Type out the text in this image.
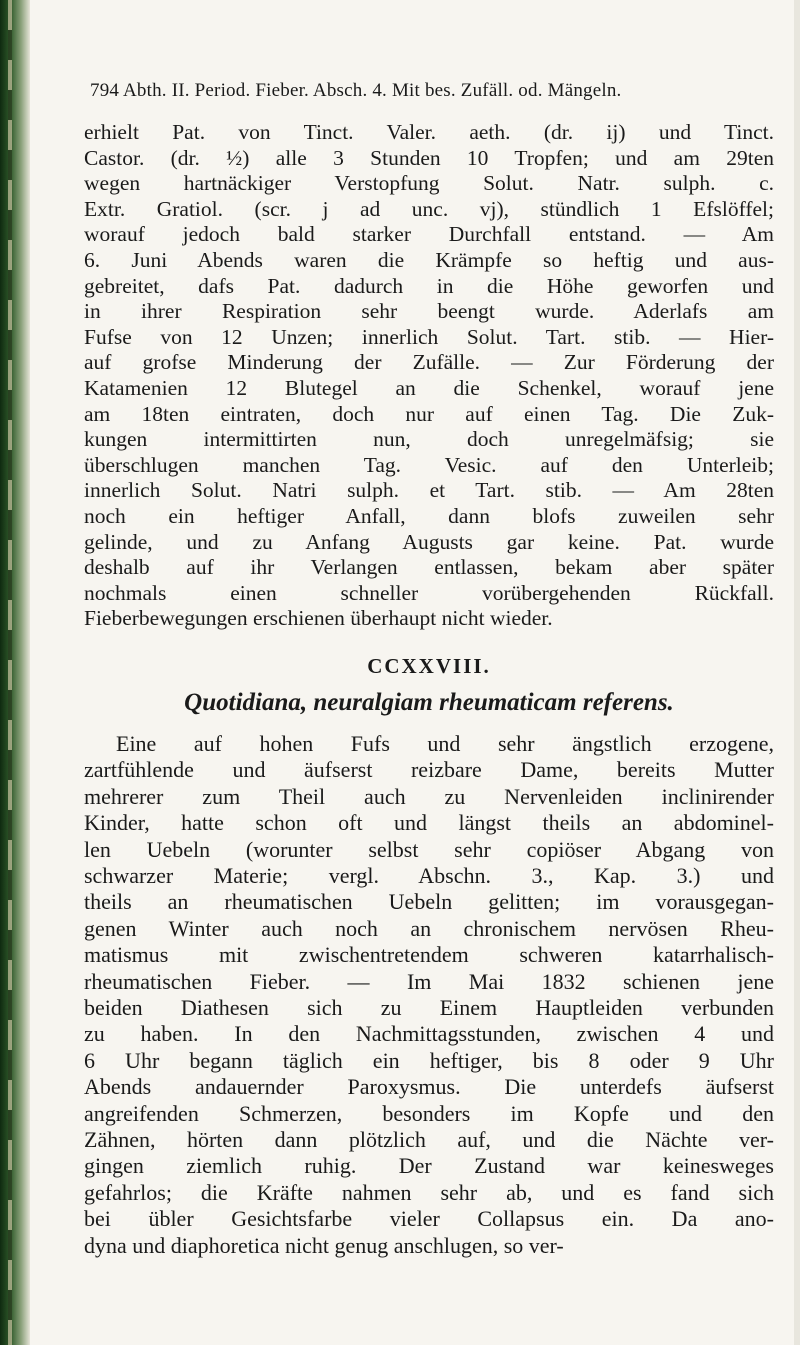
794 Abth. II. Period. Fieber. Absch. 4. Mit bes. Zufäll. od. Mängeln.
erhielt Pat. von Tinct. Valer. aeth. (dr. ij) und Tinct.
Castor. (dr. ½) alle 3 Stunden 10 Tropfen; und am 29ten
wegen hartnäckiger Verstopfung Solut. Natr. sulph. c.
Extr. Gratiol. (scr. j ad unc. vj), stündlich 1 Efslöffel;
worauf jedoch bald starker Durchfall entstand. — Am
6. Juni Abends waren die Krämpfe so heftig und aus-
gebreitet, dafs Pat. dadurch in die Höhe geworfen und
in ihrer Respiration sehr beengt wurde. Aderlafs am
Fufse von 12 Unzen; innerlich Solut. Tart. stib. — Hier-
auf grofse Minderung der Zufälle. — Zur Förderung der
Katamenien 12 Blutegel an die Schenkel, worauf jene
am 18ten eintraten, doch nur auf einen Tag. Die Zuk-
kungen intermittirten nun, doch unregelmäfsig; sie
überschlugen manchen Tag. Vesic. auf den Unterleib;
innerlich Solut. Natri sulph. et Tart. stib. — Am 28ten
noch ein heftiger Anfall, dann blofs zuweilen sehr
gelinde, und zu Anfang Augusts gar keine. Pat. wurde
deshalb auf ihr Verlangen entlassen, bekam aber später
nochmals einen schneller vorübergehenden Rückfall.
Fieberbewegungen erschienen überhaupt nicht wieder.
CCXXVIII.
Quotidiana, neuralgiam rheumaticam referens.
Eine auf hohen Fufs und sehr ängstlich erzogene,
zartfühlende und äufserst reizbare Dame, bereits Mutter
mehrerer zum Theil auch zu Nervenleiden inclinirender
Kinder, hatte schon oft und längst theils an abdominel-
len Uebeln (worunter selbst sehr copiöser Abgang von
schwarzer Materie; vergl. Abschn. 3., Kap. 3.) und
theils an rheumatischen Uebeln gelitten; im vorausgegan-
genen Winter auch noch an chronischem nervösen Rheu-
matismus mit zwischentretendem schweren katarrhalisch-
rheumatischen Fieber. — Im Mai 1832 schienen jene
beiden Diathesen sich zu Einem Hauptleiden verbunden
zu haben. In den Nachmittagsstunden, zwischen 4 und
6 Uhr begann täglich ein heftiger, bis 8 oder 9 Uhr
Abends andauernder Paroxysmus. Die unterdefs äufserst
angreifenden Schmerzen, besonders im Kopfe und den
Zähnen, hörten dann plötzlich auf, und die Nächte ver-
gingen ziemlich ruhig. Der Zustand war keinesweges
gefahrlos; die Kräfte nahmen sehr ab, und es fand sich
bei übler Gesichtsfarbe vieler Collapsus ein. Da ano-
dyna und diaphoretica nicht genug anschlugen, so ver-
